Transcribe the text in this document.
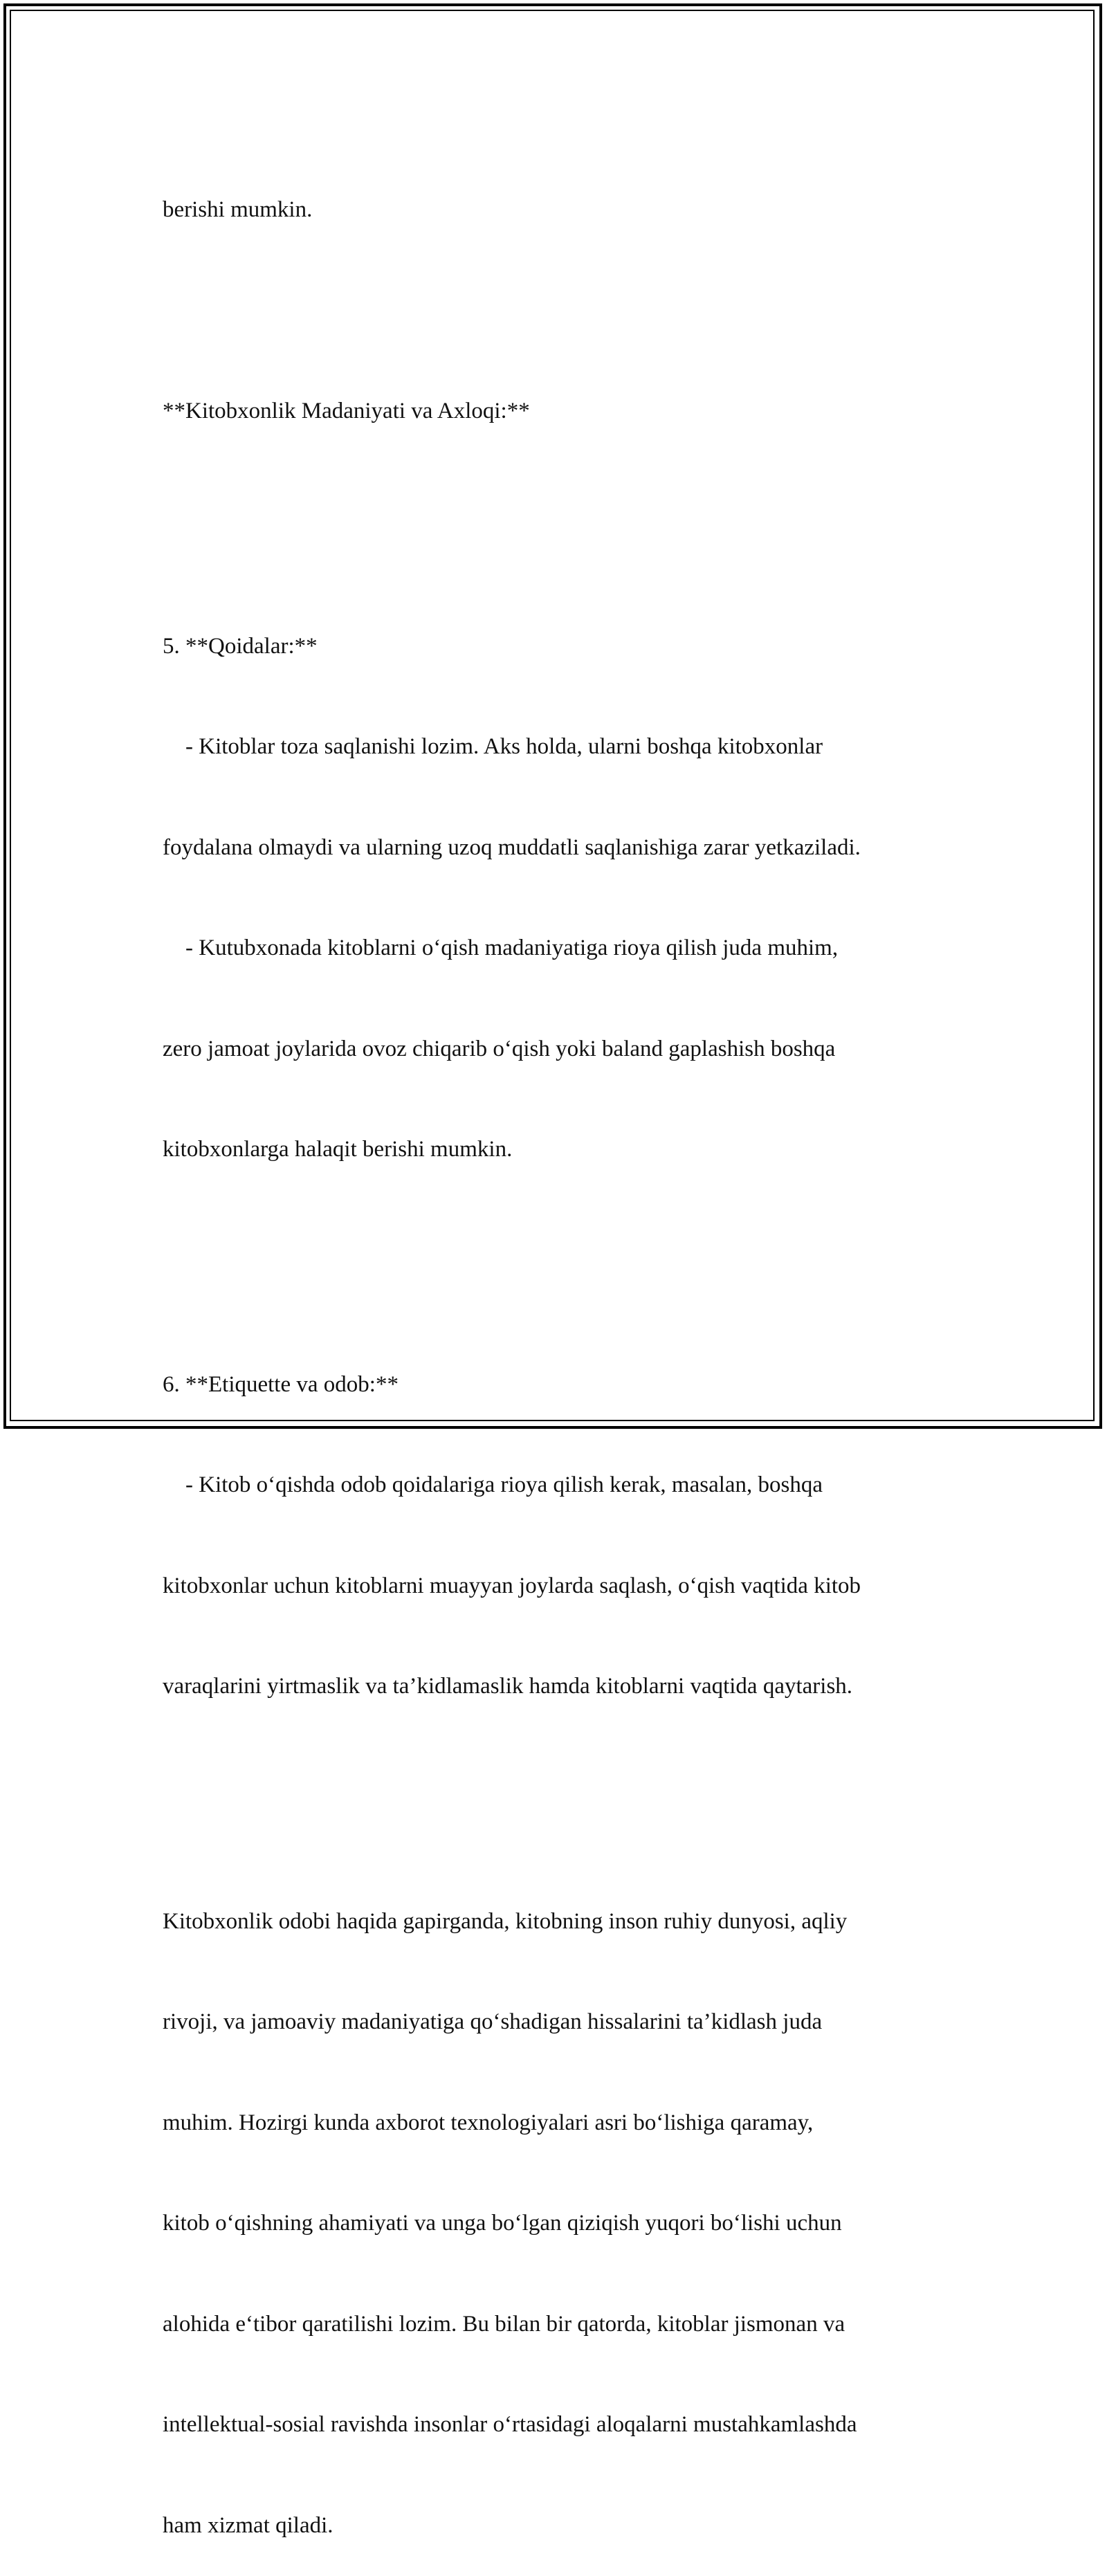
berishi mumkin.

**Kitobxonlik Madaniyati va Axloqi:**

5. **Qoidalar:**

- Kitoblar toza saqlanishi lozim. Aks holda, ularni boshqa kitobxonlar

foydalana olmaydi va ularning uzoq muddatli saqlanishiga zarar yetkaziladi.

- Kutubxonada kitoblarni o‘qish madaniyatiga rioya qilish juda muhim,

zero jamoat joylarida ovoz chiqarib o‘qish yoki baland gaplashish boshqa

kitobxonlarga halaqit berishi mumkin.

6. **Etiquette va odob:**

- Kitob o‘qishda odob qoidalariga rioya qilish kerak, masalan, boshqa

kitobxonlar uchun kitoblarni muayyan joylarda saqlash, o‘qish vaqtida kitob

varaqlarini yirtmaslik va ta’kidlamaslik hamda kitoblarni vaqtida qaytarish.

Kitobxonlik odobi haqida gapirganda, kitobning inson ruhiy dunyosi, aqliy

rivoji, va jamoaviy madaniyatiga qo‘shadigan hissalarini ta’kidlash juda

muhim. Hozirgi kunda axborot texnologiyalari asri bo‘lishiga qaramay,

kitob o‘qishning ahamiyati va unga bo‘lgan qiziqish yuqori bo‘lishi uchun

alohida e‘tibor qaratilishi lozim. Bu bilan bir qatorda, kitoblar jismonan va

intellektual-sosial ravishda insonlar o‘rtasidagi aloqalarni mustahkamlashda

ham xizmat qiladi.
